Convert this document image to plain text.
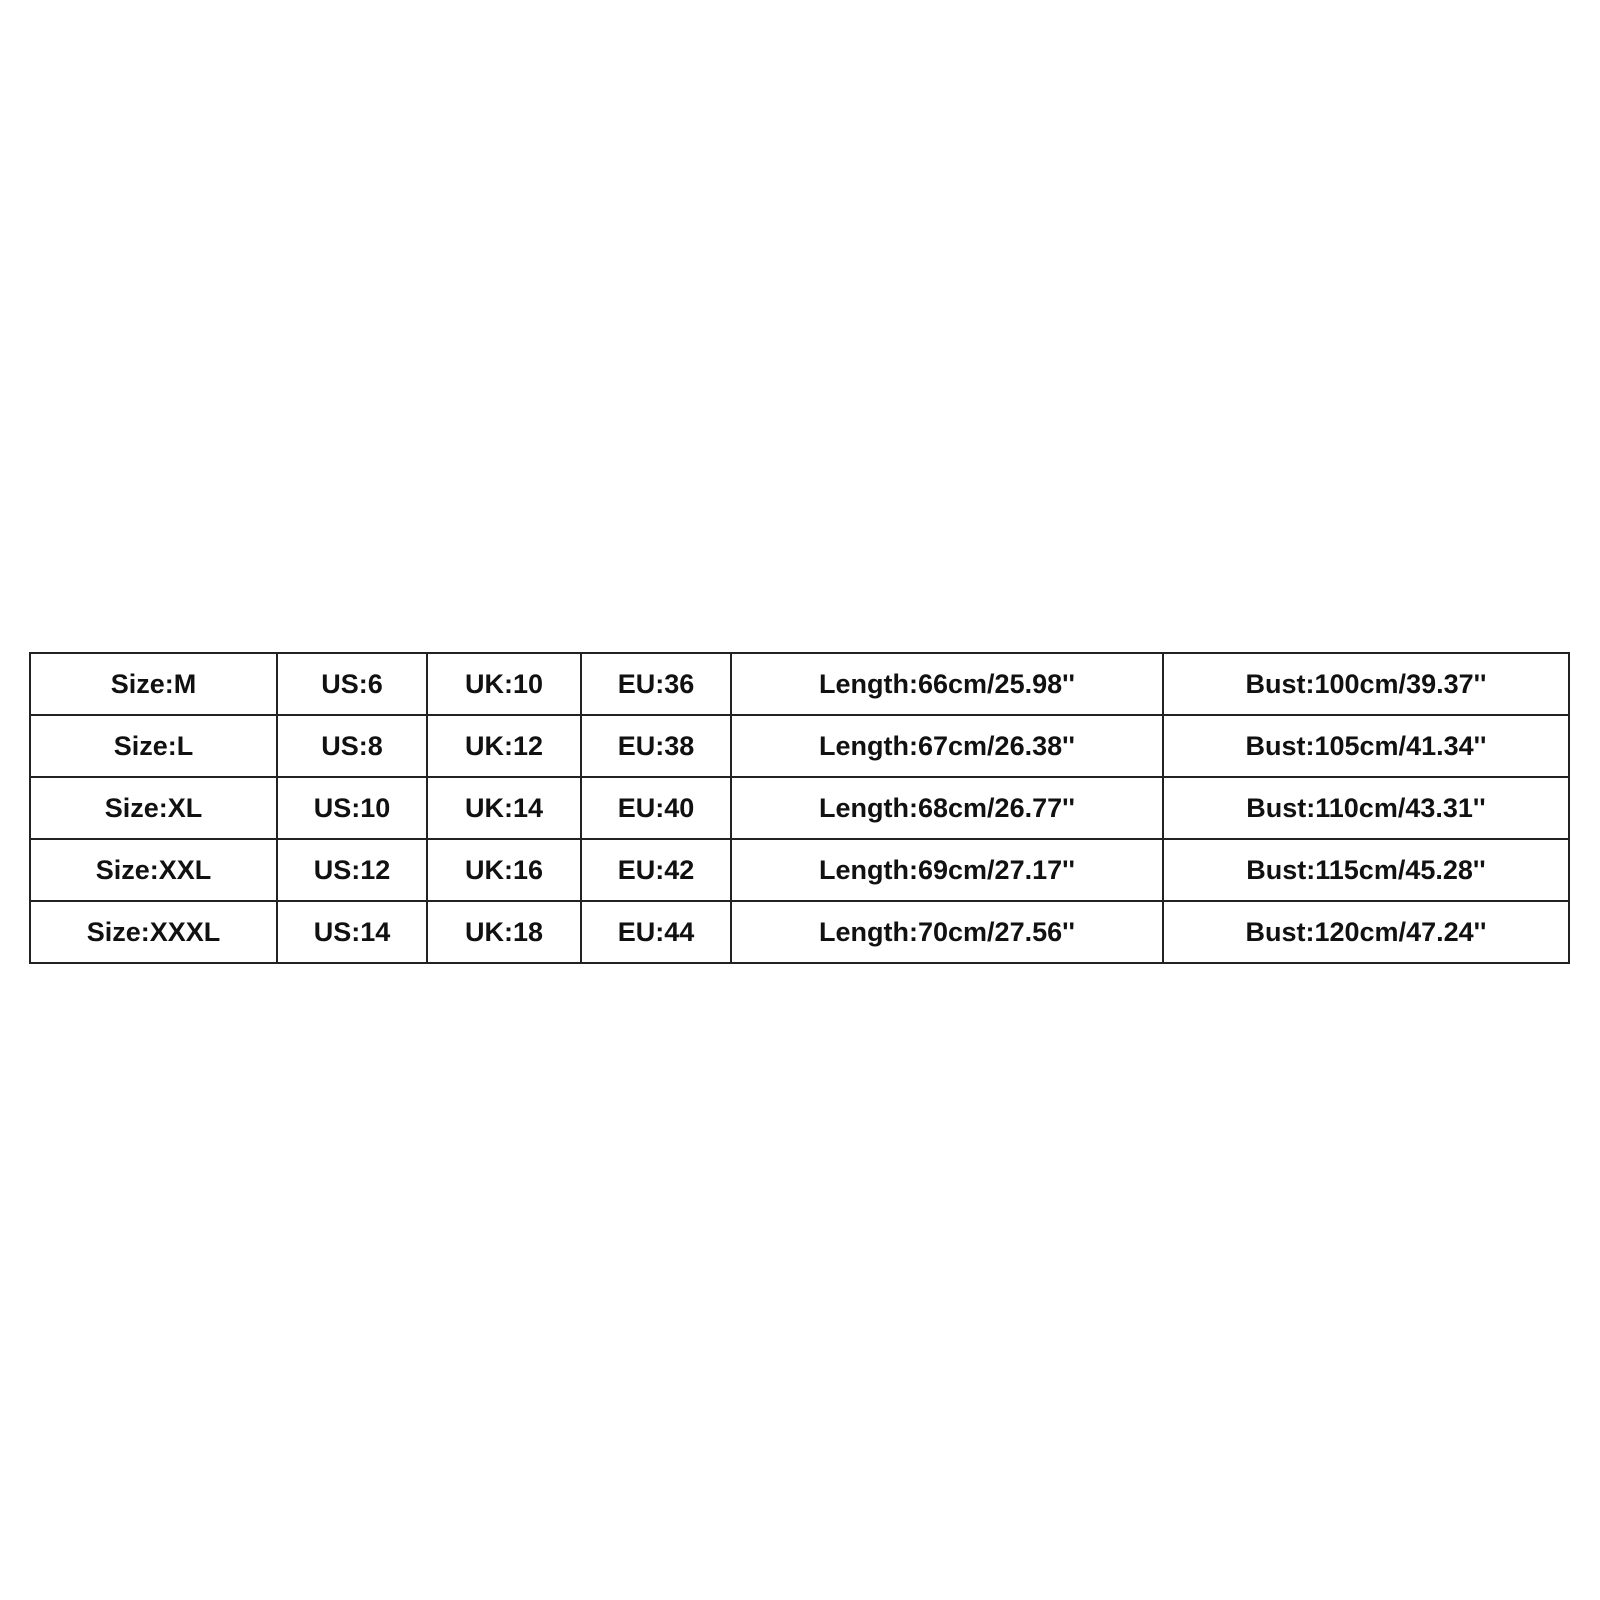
Size:M	US:6	UK:10	EU:36	Length:66cm/25.98''	Bust:100cm/39.37''
Size:L	US:8	UK:12	EU:38	Length:67cm/26.38''	Bust:105cm/41.34''
Size:XL	US:10	UK:14	EU:40	Length:68cm/26.77''	Bust:110cm/43.31''
Size:XXL	US:12	UK:16	EU:42	Length:69cm/27.17''	Bust:115cm/45.28''
Size:XXXL	US:14	UK:18	EU:44	Length:70cm/27.56''	Bust:120cm/47.24''
